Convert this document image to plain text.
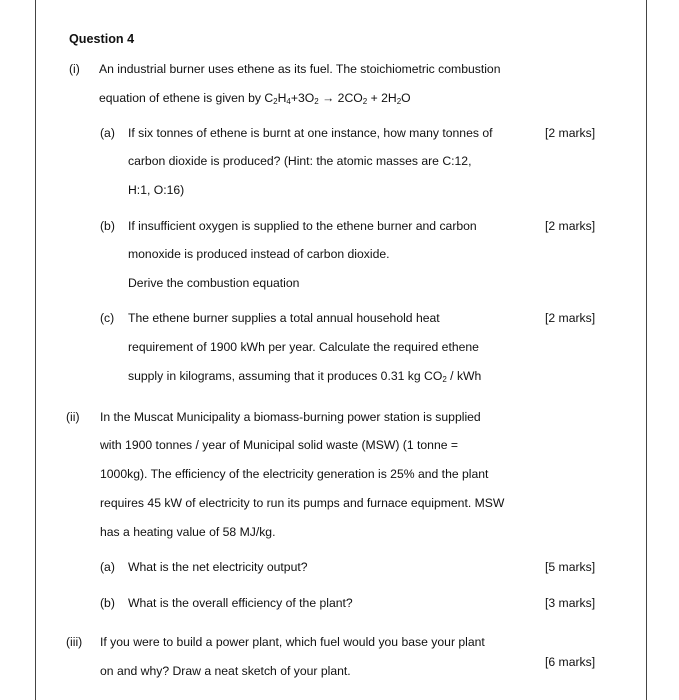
Question 4
(i) An industrial burner uses ethene as its fuel. The stoichiometric combustion
equation of ethene is given by $C_2H_4+3O_2 \to 2CO_2 + 2H_2O$
(a) If six tonnes of ethene is burnt at one instance, how many tonnes of
carbon dioxide is produced? (Hint: the atomic masses are C:12,
H:1, O:16)
[2 marks]
(b) If insufficient oxygen is supplied to the ethene burner and carbon
monoxide is produced instead of carbon dioxide.
Derive the combustion equation
[2 marks]
(c) The ethene burner supplies a total annual household heat
requirement of 1900 kWh per year. Calculate the required ethene
supply in kilograms, assuming that it produces 0.31 kg $CO_2$ / kWh
[2 marks]
(ii) In the Muscat Municipality a biomass-burning power station is supplied
with 1900 tonnes / year of Municipal solid waste (MSW) (1 tonne =
1000kg). The efficiency of the electricity generation is 25% and the plant
requires 45 kW of electricity to run its pumps and furnace equipment. MSW
has a heating value of 58 MJ/kg.
(a) What is the net electricity output?	[5 marks]
(b) What is the overall efficiency of the plant?	[3 marks]
(iii) If you were to build a power plant, which fuel would you base your plant
on and why? Draw a neat sketch of your plant.
[6 marks]
